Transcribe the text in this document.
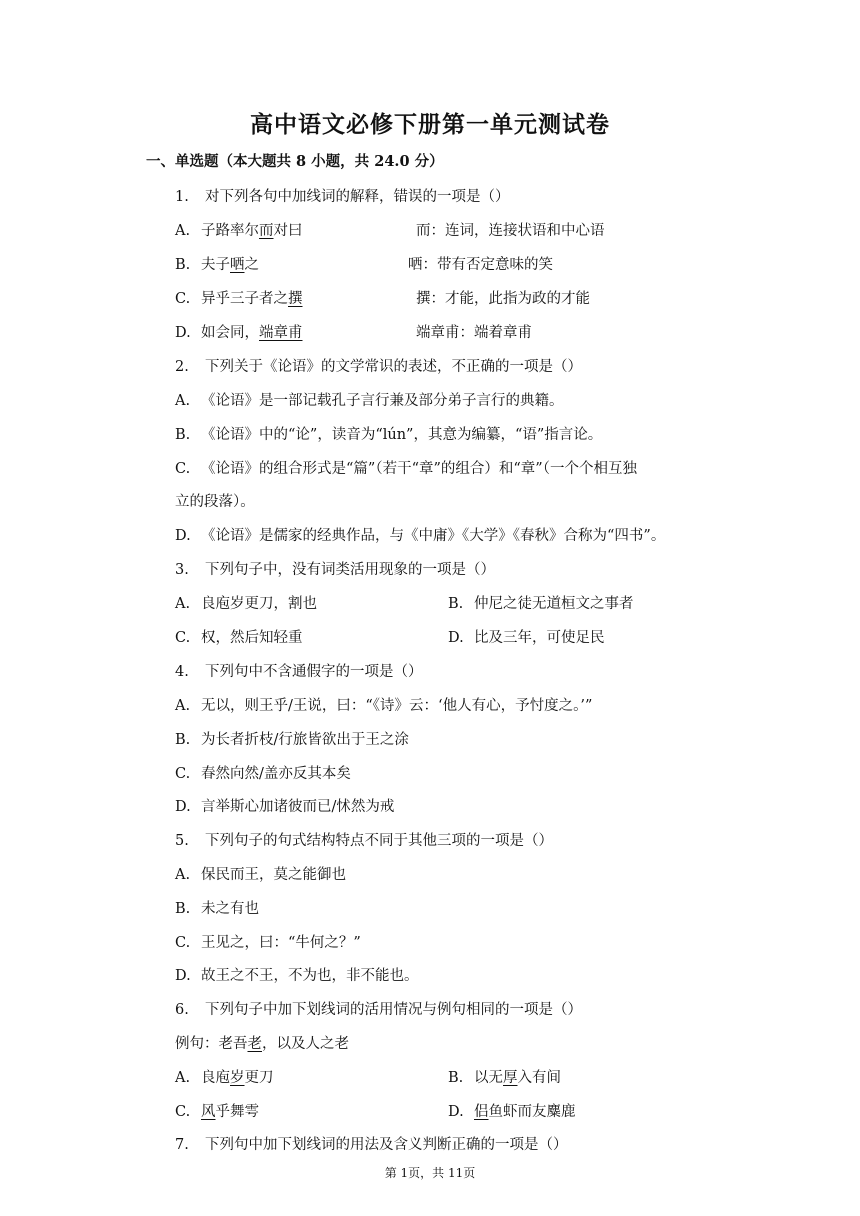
高中语文必修下册第一单元测试卷
一、单选题（本大题共 8 小题，共 24.0 分）
1. 对下列各句中加线词的解释，错误的一项是（）
A. 子路率尔而对曰	而：连词，连接状语和中心语
B. 夫子哂之	哂：带有否定意味的笑
C. 异乎三子者之撰	撰：才能，此指为政的才能
D. 如会同，端章甫	端章甫：端着章甫
2. 下列关于《论语》的文学常识的表述，不正确的一项是（）
A. 《论语》是一部记载孔子言行兼及部分弟子言行的典籍。
B. 《论语》中的“论”，读音为“lún”，其意为编纂，“语”指言论。
C. 《论语》的组合形式是“篇”（若干“章”的组合）和“章”（一个个相互独
立的段落）。
D. 《论语》是儒家的经典作品，与《中庸》《大学》《春秋》合称为“四书”。
3. 下列句子中，没有词类活用现象的一项是（）
A. 良庖岁更刀，割也	B. 仲尼之徒无道桓文之事者
C. 权，然后知轻重	D. 比及三年，可使足民
4. 下列句中不含通假字的一项是（）
A. 无以，则王乎/王说，曰：“《诗》云：‘他人有心，予忖度之。’”
B. 为长者折枝/行旅皆欲出于王之涂
C. 春然向然/盖亦反其本矣
D. 言举斯心加诸彼而已/怵然为戒
5. 下列句子的句式结构特点不同于其他三项的一项是（）
A. 保民而王，莫之能御也
B. 未之有也
C. 王见之，曰：“牛何之？”
D. 故王之不王，不为也，非不能也。
6. 下列句子中加下划线词的活用情况与例句相同的一项是（）
例句：老吾老，以及人之老
A. 良庖岁更刀	B. 以无厚入有间
C. 风乎舞雩	D. 侣鱼虾而友麋鹿
7. 下列句中加下划线词的用法及含义判断正确的一项是（）
第 1页，共 11页
